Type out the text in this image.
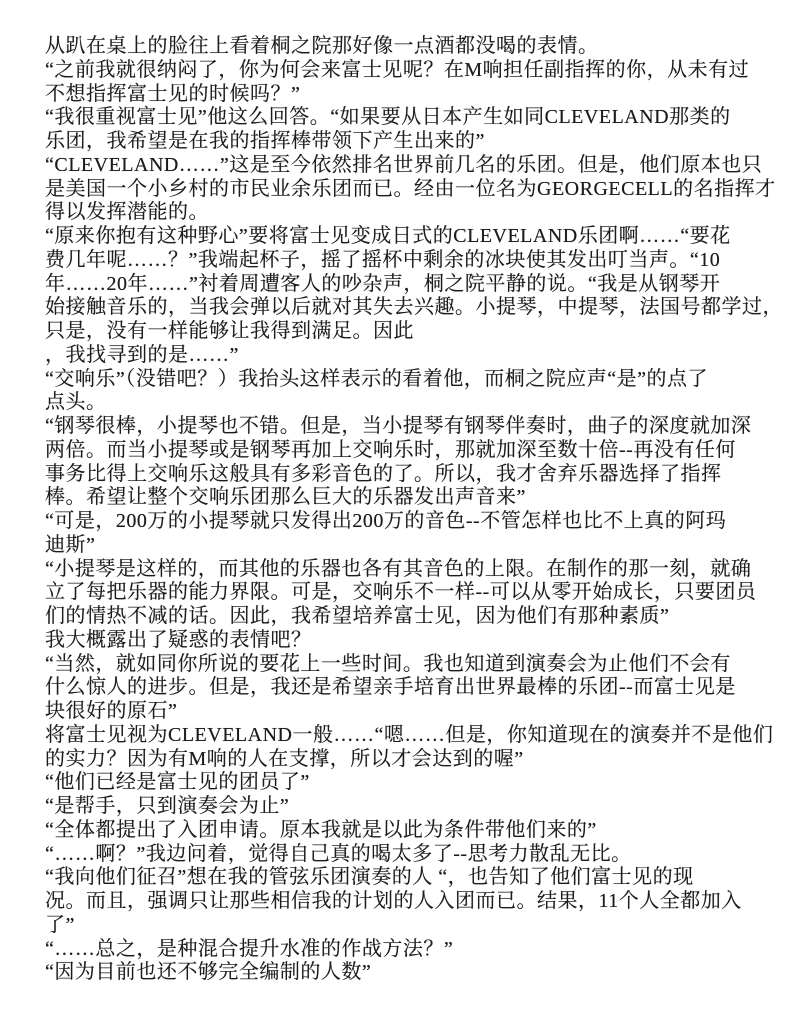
从趴在桌上的脸往上看着桐之院那好像一点酒都没喝的表情。
“之前我就很纳闷了，你为何会来富士见呢？在M响担任副指挥的你，从未有过
不想指挥富士见的时候吗？”
“我很重视富士见”他这么回答。“如果要从日本产生如同CLEVELAND那类的
乐团，我希望是在我的指挥棒带领下产生出来的”
“CLEVELAND……”这是至今依然排名世界前几名的乐团。但是，他们原本也只
是美国一个小乡村的市民业余乐团而已。经由一位名为GEORGECELL的名指挥才
得以发挥潜能的。
“原来你抱有这种野心”要将富士见变成日式的CLEVELAND乐团啊……“要花
费几年呢……？”我端起杯子，摇了摇杯中剩余的冰块使其发出叮当声。“10
年……20年……”衬着周遭客人的吵杂声，桐之院平静的说。“我是从钢琴开
始接触音乐的，当我会弹以后就对其失去兴趣。小提琴，中提琴，法国号都学过，
只是，没有一样能够让我得到满足。因此
，我找寻到的是……”
“交响乐”（没错吧？）我抬头这样表示的看着他，而桐之院应声“是”的点了
点头。
“钢琴很棒，小提琴也不错。但是，当小提琴有钢琴伴奏时，曲子的深度就加深
两倍。而当小提琴或是钢琴再加上交响乐时，那就加深至数十倍--再没有任何
事务比得上交响乐这般具有多彩音色的了。所以，我才舍弃乐器选择了指挥
棒。希望让整个交响乐团那么巨大的乐器发出声音来”
“可是，200万的小提琴就只发得出200万的音色--不管怎样也比不上真的阿玛
迪斯”
“小提琴是这样的，而其他的乐器也各有其音色的上限。在制作的那一刻，就确
立了每把乐器的能力界限。可是，交响乐不一样--可以从零开始成长，只要团员
们的情热不减的话。因此，我希望培养富士见，因为他们有那种素质”
我大概露出了疑惑的表情吧？
“当然，就如同你所说的要花上一些时间。我也知道到演奏会为止他们不会有
什么惊人的进步。但是，我还是希望亲手培育出世界最棒的乐团--而富士见是
块很好的原石”
将富士见视为CLEVELAND一般……“嗯……但是，你知道现在的演奏并不是他们
的实力？因为有M响的人在支撑，所以才会达到的喔”
“他们已经是富士见的团员了”
“是帮手，只到演奏会为止”
“全体都提出了入团申请。原本我就是以此为条件带他们来的”
“……啊？”我边问着，觉得自己真的喝太多了--思考力散乱无比。
“我向他们征召”想在我的管弦乐团演奏的人 “，也告知了他们富士见的现
况。而且，强调只让那些相信我的计划的人入团而已。结果，11个人全都加入
了”
“……总之，是种混合提升水准的作战方法？”
“因为目前也还不够完全编制的人数”
